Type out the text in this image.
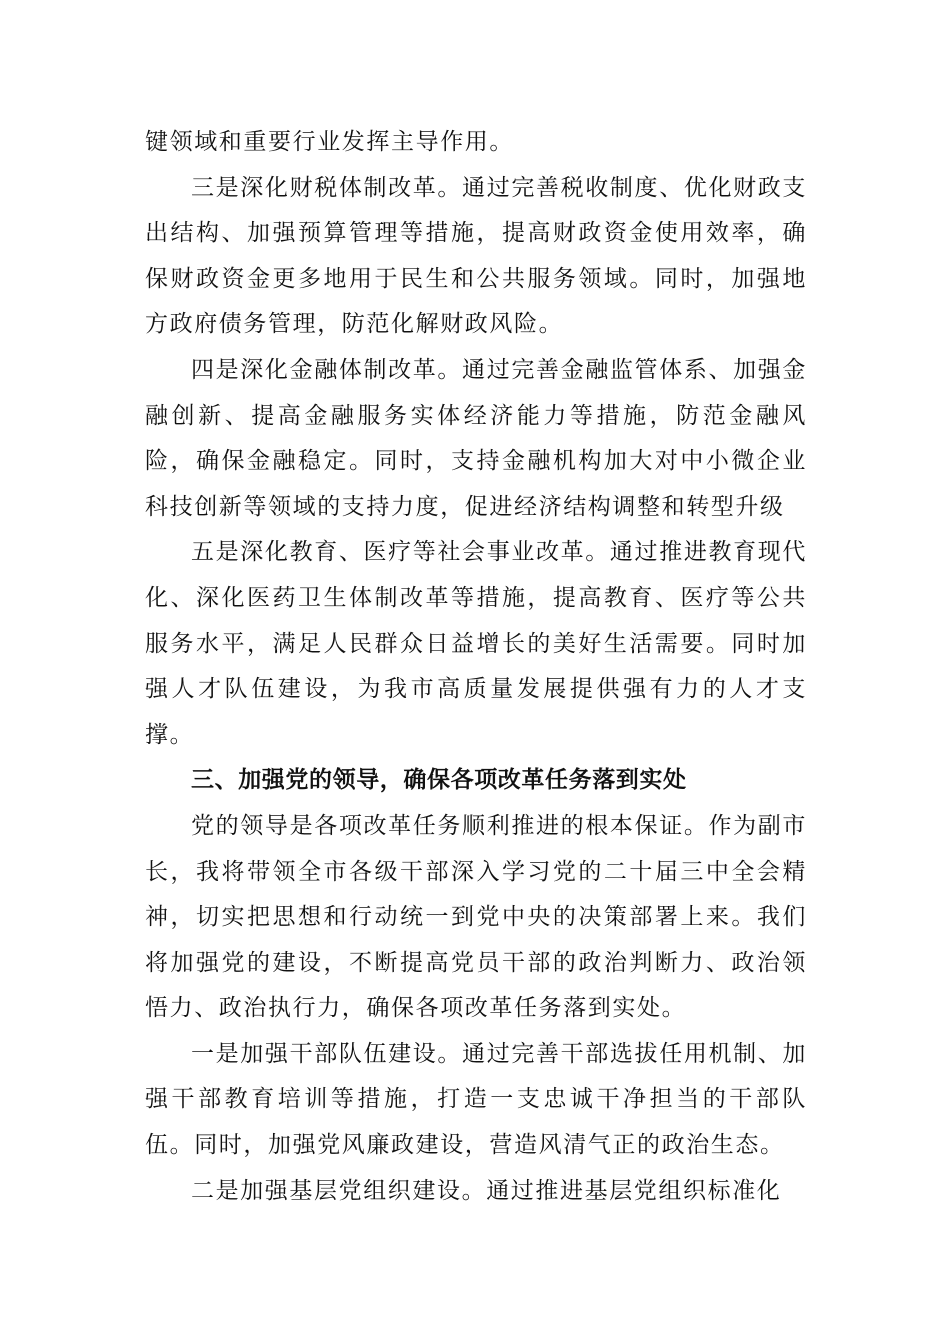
键领域和重要行业发挥主导作用。

三是深化财税体制改革。通过完善税收制度、优化财政支出结构、加强预算管理等措施，提高财政资金使用效率，确保财政资金更多地用于民生和公共服务领域。同时，加强地方政府债务管理，防范化解财政风险。

四是深化金融体制改革。通过完善金融监管体系、加强金融创新、提高金融服务实体经济能力等措施，防范金融风险，确保金融稳定。同时，支持金融机构加大对中小微企业科技创新等领域的支持力度，促进经济结构调整和转型升级

五是深化教育、医疗等社会事业改革。通过推进教育现代化、深化医药卫生体制改革等措施，提高教育、医疗等公共服务水平，满足人民群众日益增长的美好生活需要。同时加强人才队伍建设，为我市高质量发展提供强有力的人才支撑。

三、加强党的领导，确保各项改革任务落到实处

党的领导是各项改革任务顺利推进的根本保证。作为副市长，我将带领全市各级干部深入学习党的二十届三中全会精神，切实把思想和行动统一到党中央的决策部署上来。我们将加强党的建设，不断提高党员干部的政治判断力、政治领悟力、政治执行力，确保各项改革任务落到实处。

一是加强干部队伍建设。通过完善干部选拔任用机制、加强干部教育培训等措施，打造一支忠诚干净担当的干部队伍。同时，加强党风廉政建设，营造风清气正的政治生态。

二是加强基层党组织建设。通过推进基层党组织标准化
